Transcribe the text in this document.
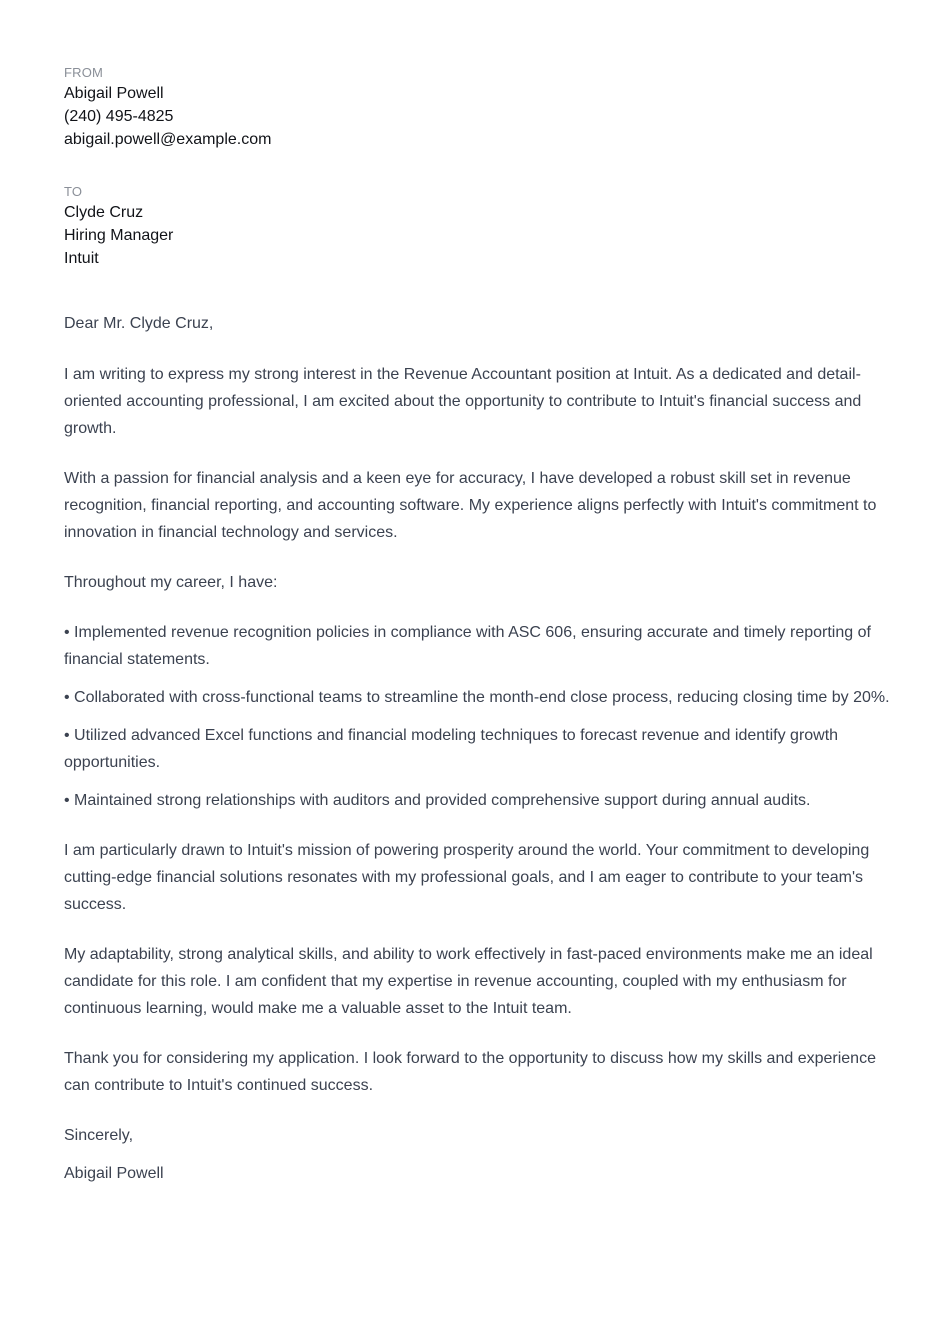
FROM
Abigail Powell
(240) 495-4825
abigail.powell@example.com
TO
Clyde Cruz
Hiring Manager
Intuit

Dear Mr. Clyde Cruz,

I am writing to express my strong interest in the Revenue Accountant position at Intuit. As a dedicated and detail-oriented accounting professional, I am excited about the opportunity to contribute to Intuit's financial success and growth.

With a passion for financial analysis and a keen eye for accuracy, I have developed a robust skill set in revenue recognition, financial reporting, and accounting software. My experience aligns perfectly with Intuit's commitment to innovation in financial technology and services.

Throughout my career, I have:

• Implemented revenue recognition policies in compliance with ASC 606, ensuring accurate and timely reporting of financial statements.

• Collaborated with cross-functional teams to streamline the month-end close process, reducing closing time by 20%.

• Utilized advanced Excel functions and financial modeling techniques to forecast revenue and identify growth opportunities.

• Maintained strong relationships with auditors and provided comprehensive support during annual audits.

I am particularly drawn to Intuit's mission of powering prosperity around the world. Your commitment to developing cutting-edge financial solutions resonates with my professional goals, and I am eager to contribute to your team's success.

My adaptability, strong analytical skills, and ability to work effectively in fast-paced environments make me an ideal candidate for this role. I am confident that my expertise in revenue accounting, coupled with my enthusiasm for continuous learning, would make me a valuable asset to the Intuit team.

Thank you for considering my application. I look forward to the opportunity to discuss how my skills and experience can contribute to Intuit's continued success.

Sincerely,

Abigail Powell
